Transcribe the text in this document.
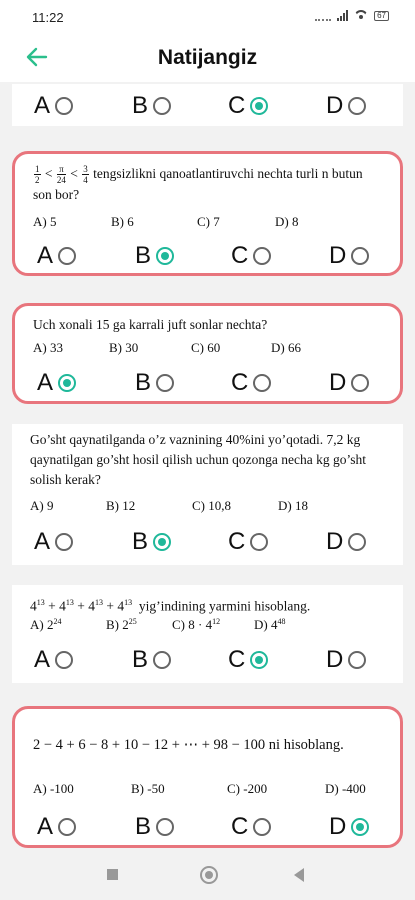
11:22	67
Natijangiz
A	B	C	D
$\frac{1}{2} < \frac{\pi}{24} < \frac{3}{4}$ tengsizlikni qanoatlantiruvchi nechta turli n butun son bor?
A) 5	B) 6	C) 7	D) 8
A	B	C	D
Uch xonali 15 ga karrali juft sonlar nechta?
A) 33	B) 30	C) 60	D) 66
A	B	C	D
Go’sht qaynatilganda o’z vaznining 40%ini yo’qotadi. 7,2 kg qaynatilgan go’sht hosil qilish uchun qozonga necha kg go’sht solish kerak?
A) 9	B) 12	C) 10,8	D) 18
A	B	C	D
$4^{13} + 4^{13} + 4^{13} + 4^{13}$ yig’indining yarmini hisoblang.
A) $2^{24}$	B) $2^{25}$	C) $8 \cdot 4^{12}$	D) $4^{48}$
A	B	C	D
2 − 4 + 6 − 8 + 10 − 12 + ⋯ + 98 − 100 ni hisoblang.
A) -100	B) -50	C) -200	D) -400
A	B	C	D
